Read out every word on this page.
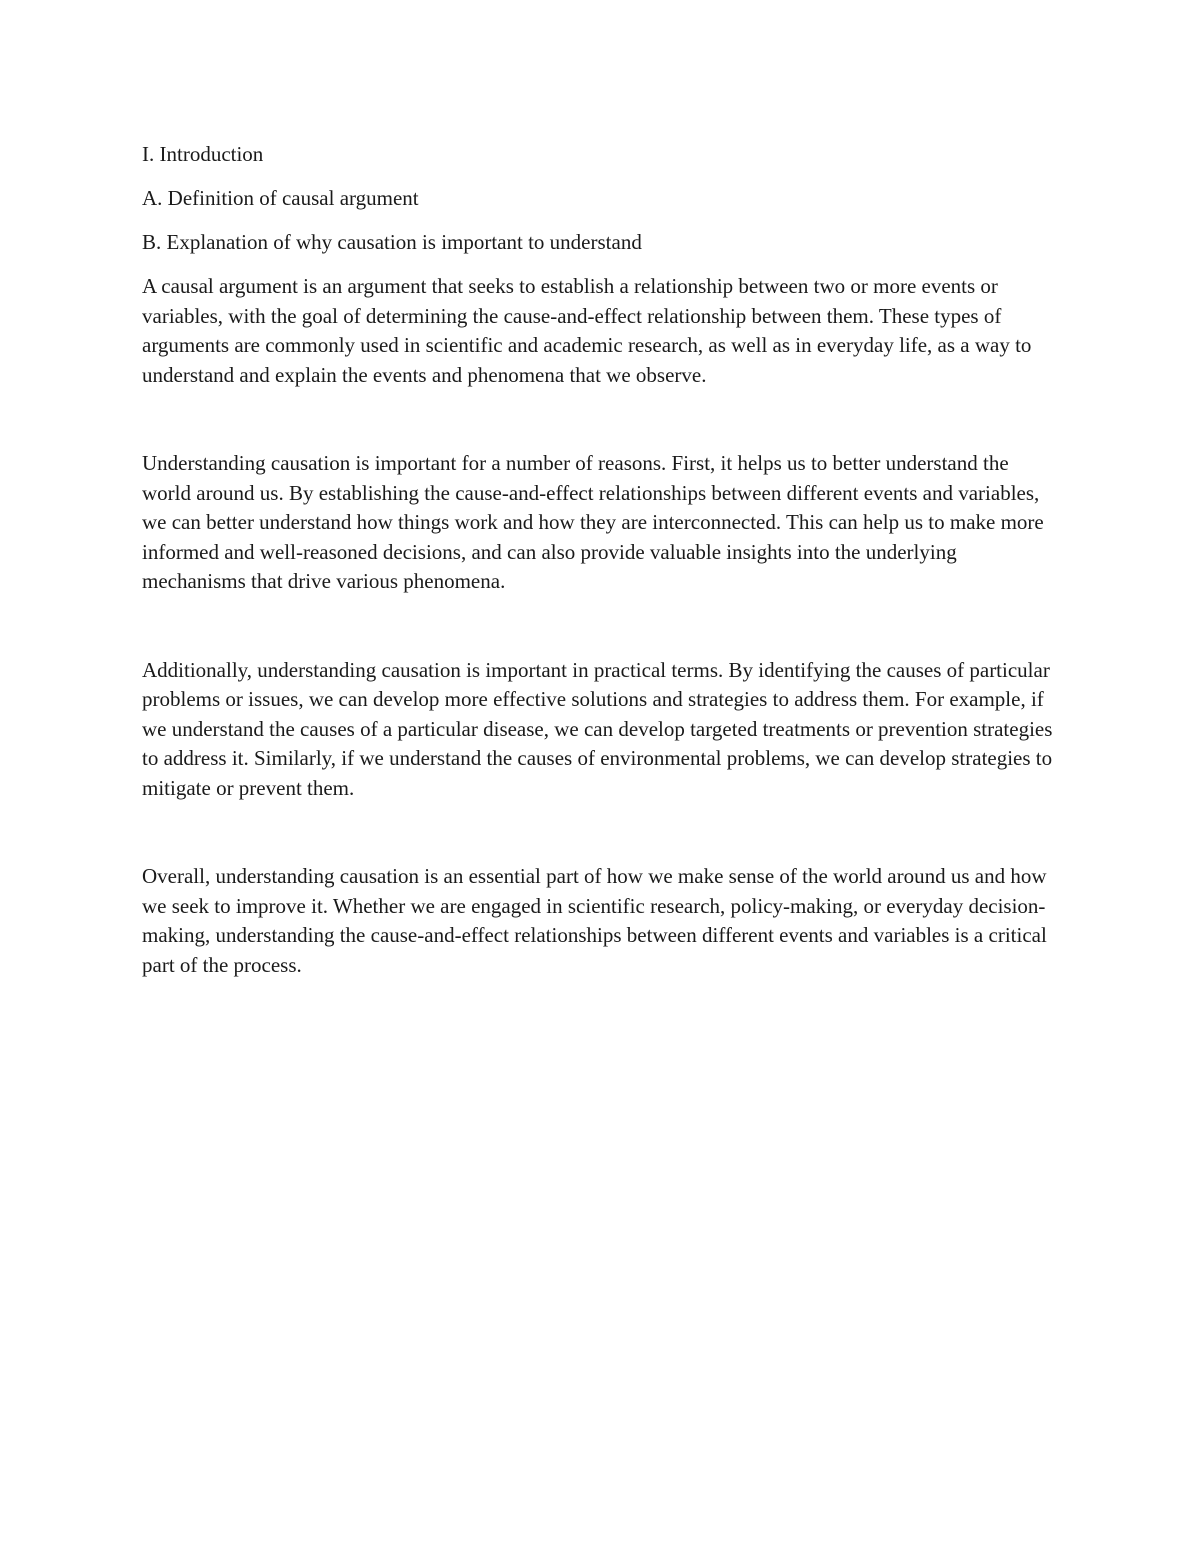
I. Introduction

A. Definition of causal argument

B. Explanation of why causation is important to understand

A causal argument is an argument that seeks to establish a relationship between two or more events or variables, with the goal of determining the cause-and-effect relationship between them. These types of arguments are commonly used in scientific and academic research, as well as in everyday life, as a way to understand and explain the events and phenomena that we observe.

Understanding causation is important for a number of reasons. First, it helps us to better understand the world around us. By establishing the cause-and-effect relationships between different events and variables, we can better understand how things work and how they are interconnected. This can help us to make more informed and well-reasoned decisions, and can also provide valuable insights into the underlying mechanisms that drive various phenomena.

Additionally, understanding causation is important in practical terms. By identifying the causes of particular problems or issues, we can develop more effective solutions and strategies to address them. For example, if we understand the causes of a particular disease, we can develop targeted treatments or prevention strategies to address it. Similarly, if we understand the causes of environmental problems, we can develop strategies to mitigate or prevent them.

Overall, understanding causation is an essential part of how we make sense of the world around us and how we seek to improve it. Whether we are engaged in scientific research, policy-making, or everyday decision-making, understanding the cause-and-effect relationships between different events and variables is a critical part of the process.
